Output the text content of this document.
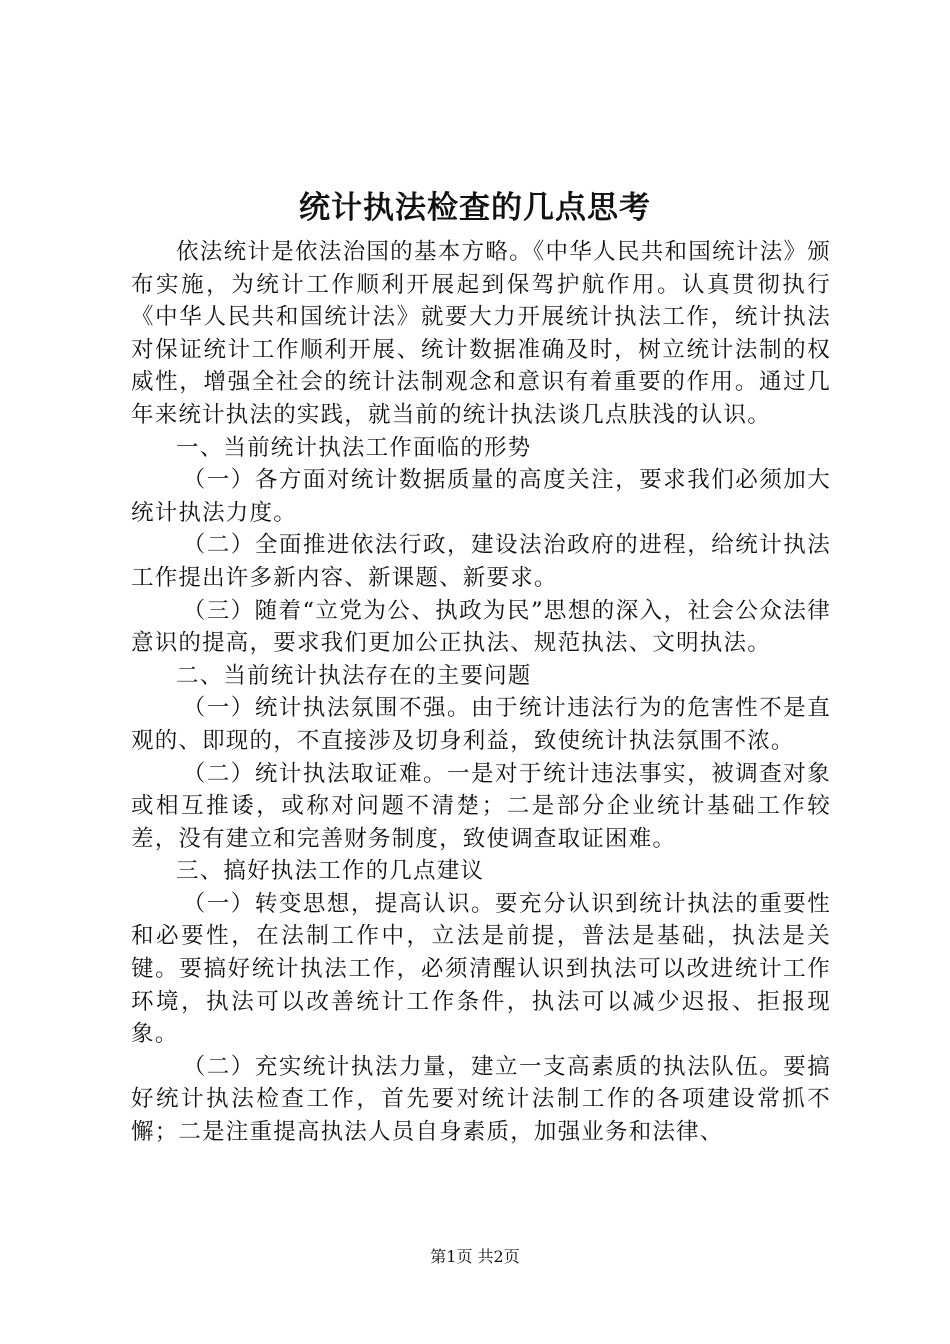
统计执法检查的几点思考

依法统计是依法治国的基本方略。《中华人民共和国统计法》颁布实施，为统计工作顺利开展起到保驾护航作用。认真贯彻执行《中华人民共和国统计法》就要大力开展统计执法工作，统计执法对保证统计工作顺利开展、统计数据准确及时，树立统计法制的权威性，增强全社会的统计法制观念和意识有着重要的作用。通过几年来统计执法的实践，就当前的统计执法谈几点肤浅的认识。

一、当前统计执法工作面临的形势

（一）各方面对统计数据质量的高度关注，要求我们必须加大统计执法力度。

（二）全面推进依法行政，建设法治政府的进程，给统计执法工作提出许多新内容、新课题、新要求。

（三）随着“立党为公、执政为民”思想的深入，社会公众法律意识的提高，要求我们更加公正执法、规范执法、文明执法。

二、当前统计执法存在的主要问题

（一）统计执法氛围不强。由于统计违法行为的危害性不是直观的、即现的，不直接涉及切身利益，致使统计执法氛围不浓。

（二）统计执法取证难。一是对于统计违法事实，被调查对象或相互推诿，或称对问题不清楚；二是部分企业统计基础工作较差，没有建立和完善财务制度，致使调查取证困难。

三、搞好执法工作的几点建议

（一）转变思想，提高认识。要充分认识到统计执法的重要性和必要性，在法制工作中，立法是前提，普法是基础，执法是关键。要搞好统计执法工作，必须清醒认识到执法可以改进统计工作环境，执法可以改善统计工作条件，执法可以减少迟报、拒报现象。

（二）充实统计执法力量，建立一支高素质的执法队伍。要搞好统计执法检查工作，首先要对统计法制工作的各项建设常抓不懈；二是注重提高执法人员自身素质，加强业务和法律、

第1页 共2页
